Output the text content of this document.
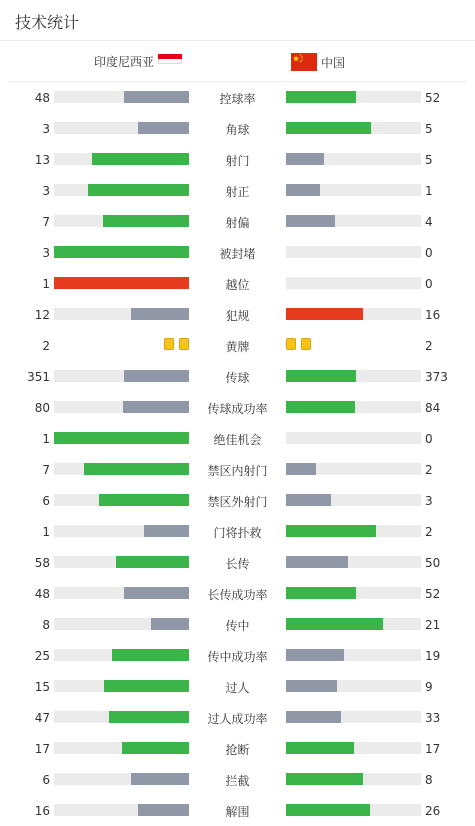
技术统计
印度尼西亚	中国
48	控球率	52
3	角球	5
13	射门	5
3	射正	1
7	射偏	4
3	被封堵	0
1	越位	0
12	犯规	16
2	黄牌	2
351	传球	373
80	传球成功率	84
1	绝佳机会	0
7	禁区内射门	2
6	禁区外射门	3
1	门将扑救	2
58	长传	50
48	长传成功率	52
8	传中	21
25	传中成功率	19
15	过人	9
47	过人成功率	33
17	抢断	17
6	拦截	8
16	解围	26
